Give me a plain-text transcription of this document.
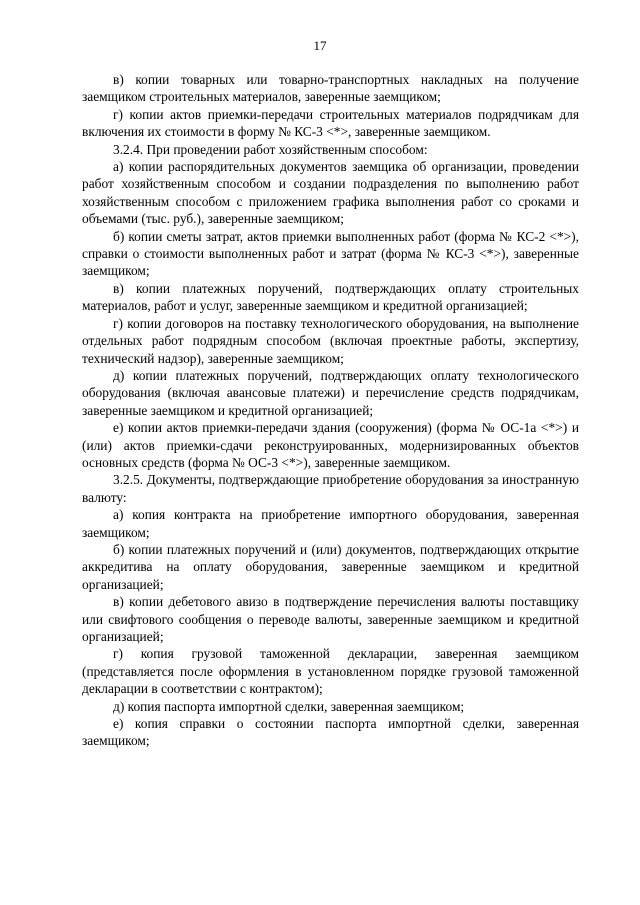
17

в) копии товарных или товарно-транспортных накладных на получение заемщиком строительных материалов, заверенные заемщиком;

г) копии актов приемки-передачи строительных материалов подрядчикам для включения их стоимости в форму № КС-3 <*>, заверенные заемщиком.

3.2.4. При проведении работ хозяйственным способом:

а) копии распорядительных документов заемщика об организации, проведении работ хозяйственным способом и создании подразделения по выполнению работ хозяйственным способом с приложением графика выполнения работ со сроками и объемами (тыс. руб.), заверенные заемщиком;

б) копии сметы затрат, актов приемки выполненных работ (форма № КС-2 <*>), справки о стоимости выполненных работ и затрат (форма № КС-3 <*>), заверенные заемщиком;

в) копии платежных поручений, подтверждающих оплату строительных материалов, работ и услуг, заверенные заемщиком и кредитной организацией;

г) копии договоров на поставку технологического оборудования, на выполнение отдельных работ подрядным способом (включая проектные работы, экспертизу, технический надзор), заверенные заемщиком;

д) копии платежных поручений, подтверждающих оплату технологического оборудования (включая авансовые платежи) и перечисление средств подрядчикам, заверенные заемщиком и кредитной организацией;

е) копии актов приемки-передачи здания (сооружения) (форма № ОС-1а <*>) и (или) актов приемки-сдачи реконструированных, модернизированных объектов основных средств (форма № ОС-3 <*>), заверенные заемщиком.

3.2.5. Документы, подтверждающие приобретение оборудования за иностранную валюту:

а) копия контракта на приобретение импортного оборудования, заверенная заемщиком;

б) копии платежных поручений и (или) документов, подтверждающих открытие аккредитива на оплату оборудования, заверенные заемщиком и кредитной организацией;

в) копии дебетового авизо в подтверждение перечисления валюты поставщику или свифтового сообщения о переводе валюты, заверенные заемщиком и кредитной организацией;

г) копия грузовой таможенной декларации, заверенная заемщиком (представляется после оформления в установленном порядке грузовой таможенной декларации в соответствии с контрактом);

д) копия паспорта импортной сделки, заверенная заемщиком;

е) копия справки о состоянии паспорта импортной сделки, заверенная заемщиком;
